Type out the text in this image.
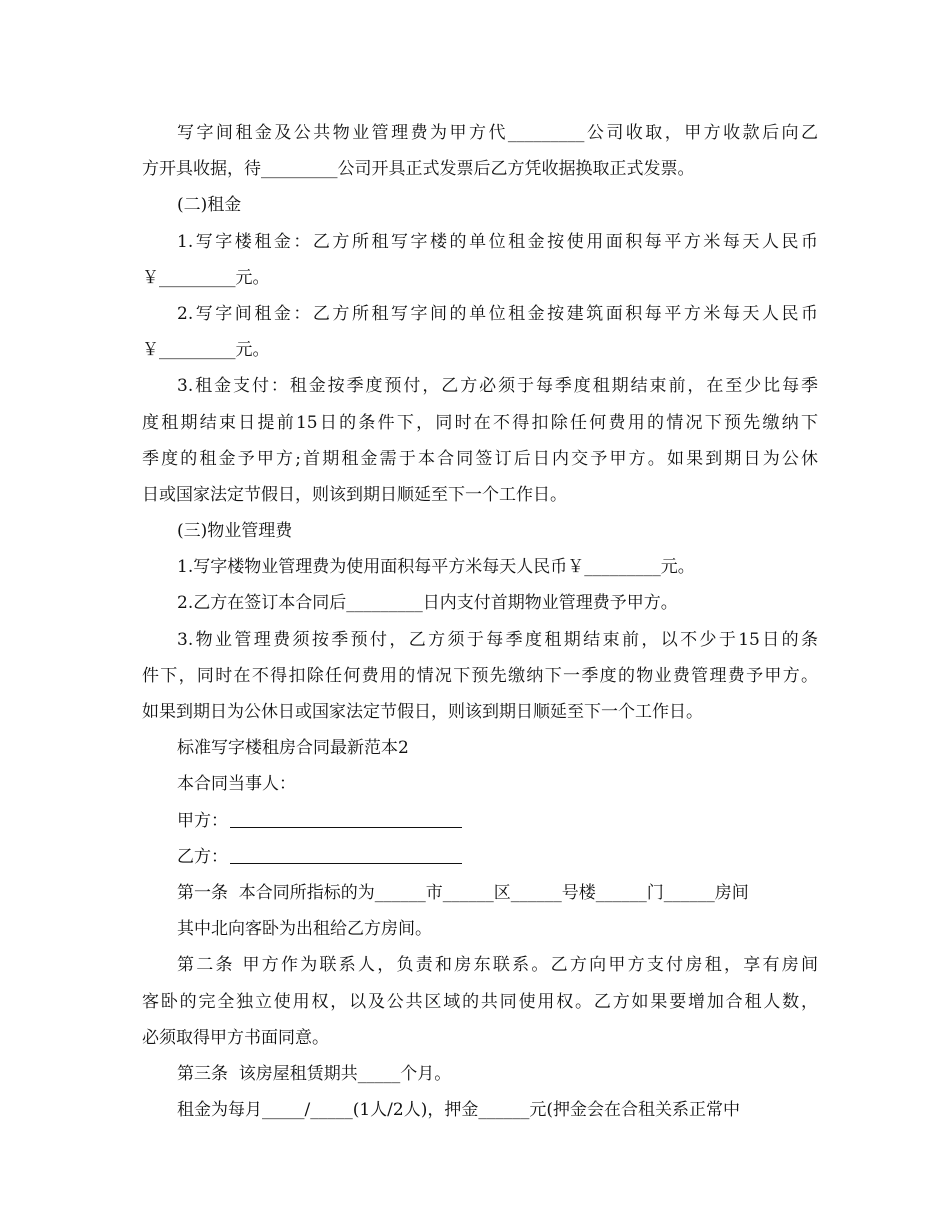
写字间租金及公共物业管理费为甲方代_________公司收取，甲方收款后向乙
方开具收据，待_________公司开具正式发票后乙方凭收据换取正式发票。
(二)租金
1.写字楼租金：乙方所租写字楼的单位租金按使用面积每平方米每天人民币
￥_________元。
2.写字间租金：乙方所租写字间的单位租金按建筑面积每平方米每天人民币
￥_________元。
3.租金支付：租金按季度预付，乙方必须于每季度租期结束前，在至少比每季
度租期结束日提前15日的条件下，同时在不得扣除任何费用的情况下预先缴纳下
季度的租金予甲方;首期租金需于本合同签订后日内交予甲方。如果到期日为公休
日或国家法定节假日，则该到期日顺延至下一个工作日。
(三)物业管理费
1.写字楼物业管理费为使用面积每平方米每天人民币￥_________元。
2.乙方在签订本合同后_________日内支付首期物业管理费予甲方。
3.物业管理费须按季预付，乙方须于每季度租期结束前，以不少于15日的条
件下，同时在不得扣除任何费用的情况下预先缴纳下一季度的物业费管理费予甲方。
如果到期日为公休日或国家法定节假日，则该到期日顺延至下一个工作日。
标准写字楼租房合同最新范本2
本合同当事人：
甲方：
乙方：
第一条  本合同所指标的为______市______区______号楼______门______房间
其中北向客卧为出租给乙方房间。
第二条 甲方作为联系人，负责和房东联系。乙方向甲方支付房租，享有房间
客卧的完全独立使用权，以及公共区域的共同使用权。乙方如果要增加合租人数，
必须取得甲方书面同意。
第三条  该房屋租赁期共_____个月。
租金为每月_____/_____(1人/2人)，押金______元(押金会在合租关系正常中
